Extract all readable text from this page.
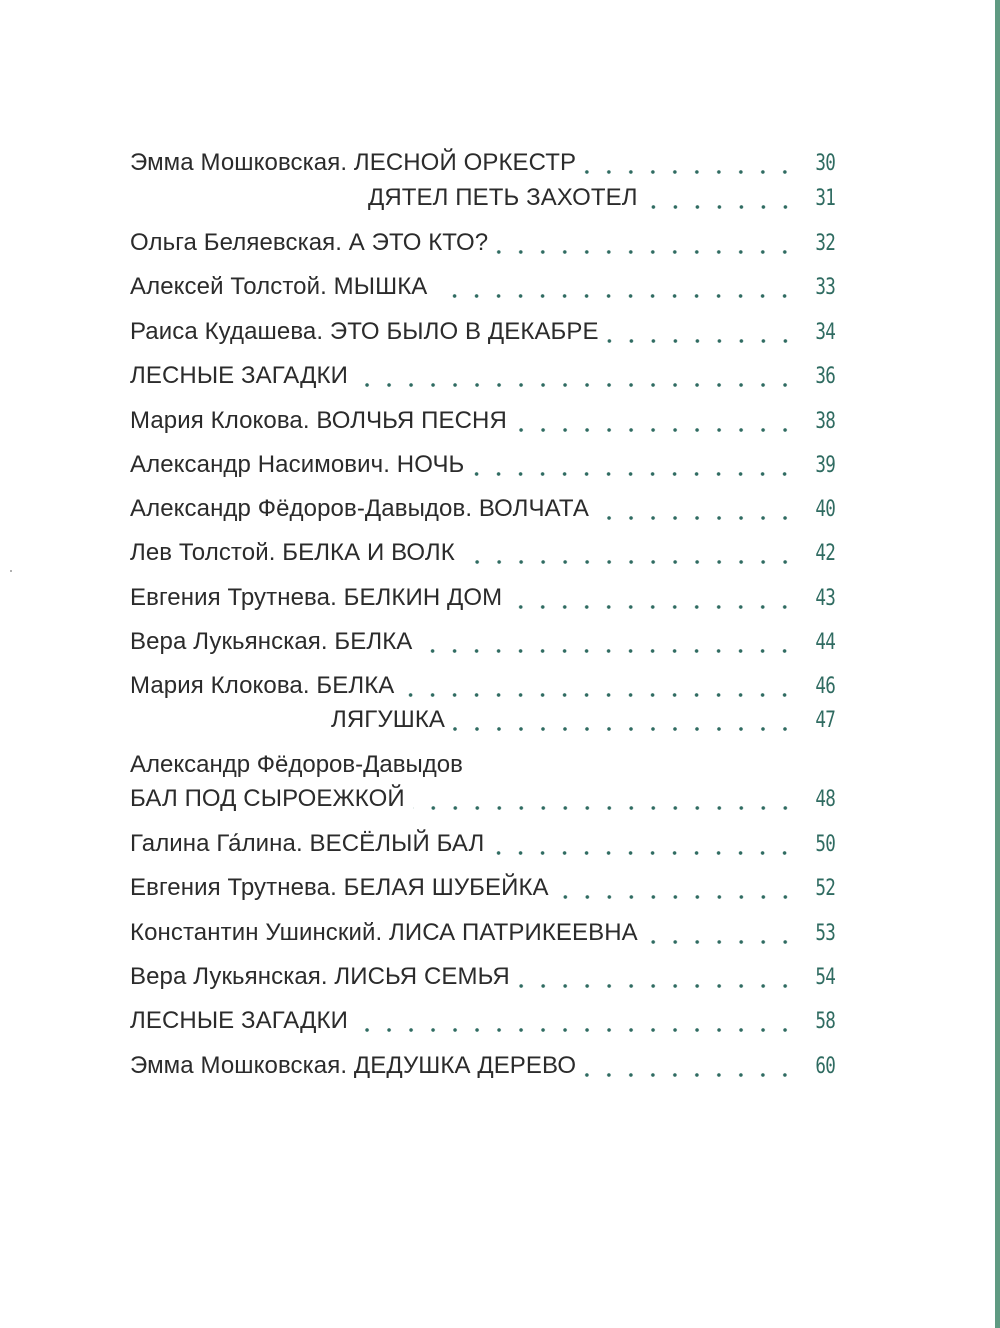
Эмма Мошковская. ЛЕСНОЙ ОРКЕСТР	30
ДЯТЕЛ ПЕТЬ ЗАХОТЕЛ	31
Ольга Беляевская. А ЭТО КТО?	32
Алексей Толстой. МЫШКА	33
Раиса Кудашева. ЭТО БЫЛО В ДЕКАБРЕ	34
ЛЕСНЫЕ ЗАГАДКИ	36
Мария Клокова. ВОЛЧЬЯ ПЕСНЯ	38
Александр Насимович. НОЧЬ	39
Александр Фёдоров-Давыдов. ВОЛЧАТА	40
Лев Толстой. БЕЛКА И ВОЛК	42
Евгения Трутнева. БЕЛКИН ДОМ	43
Вера Лукьянская. БЕЛКА	44
Мария Клокова. БЕЛКА	46
ЛЯГУШКА	47
Александр Фёдоров-Давыдов
БАЛ ПОД СЫРОЕЖКОЙ	48
Галина Га́лина. ВЕСЁЛЫЙ БАЛ	50
Евгения Трутнева. БЕЛАЯ ШУБЕЙКА	52
Константин Ушинский. ЛИСА ПАТРИКЕЕВНА	53
Вера Лукьянская. ЛИСЬЯ СЕМЬЯ	54
ЛЕСНЫЕ ЗАГАДКИ	58
Эмма Мошковская. ДЕДУШКА ДЕРЕВО	60
